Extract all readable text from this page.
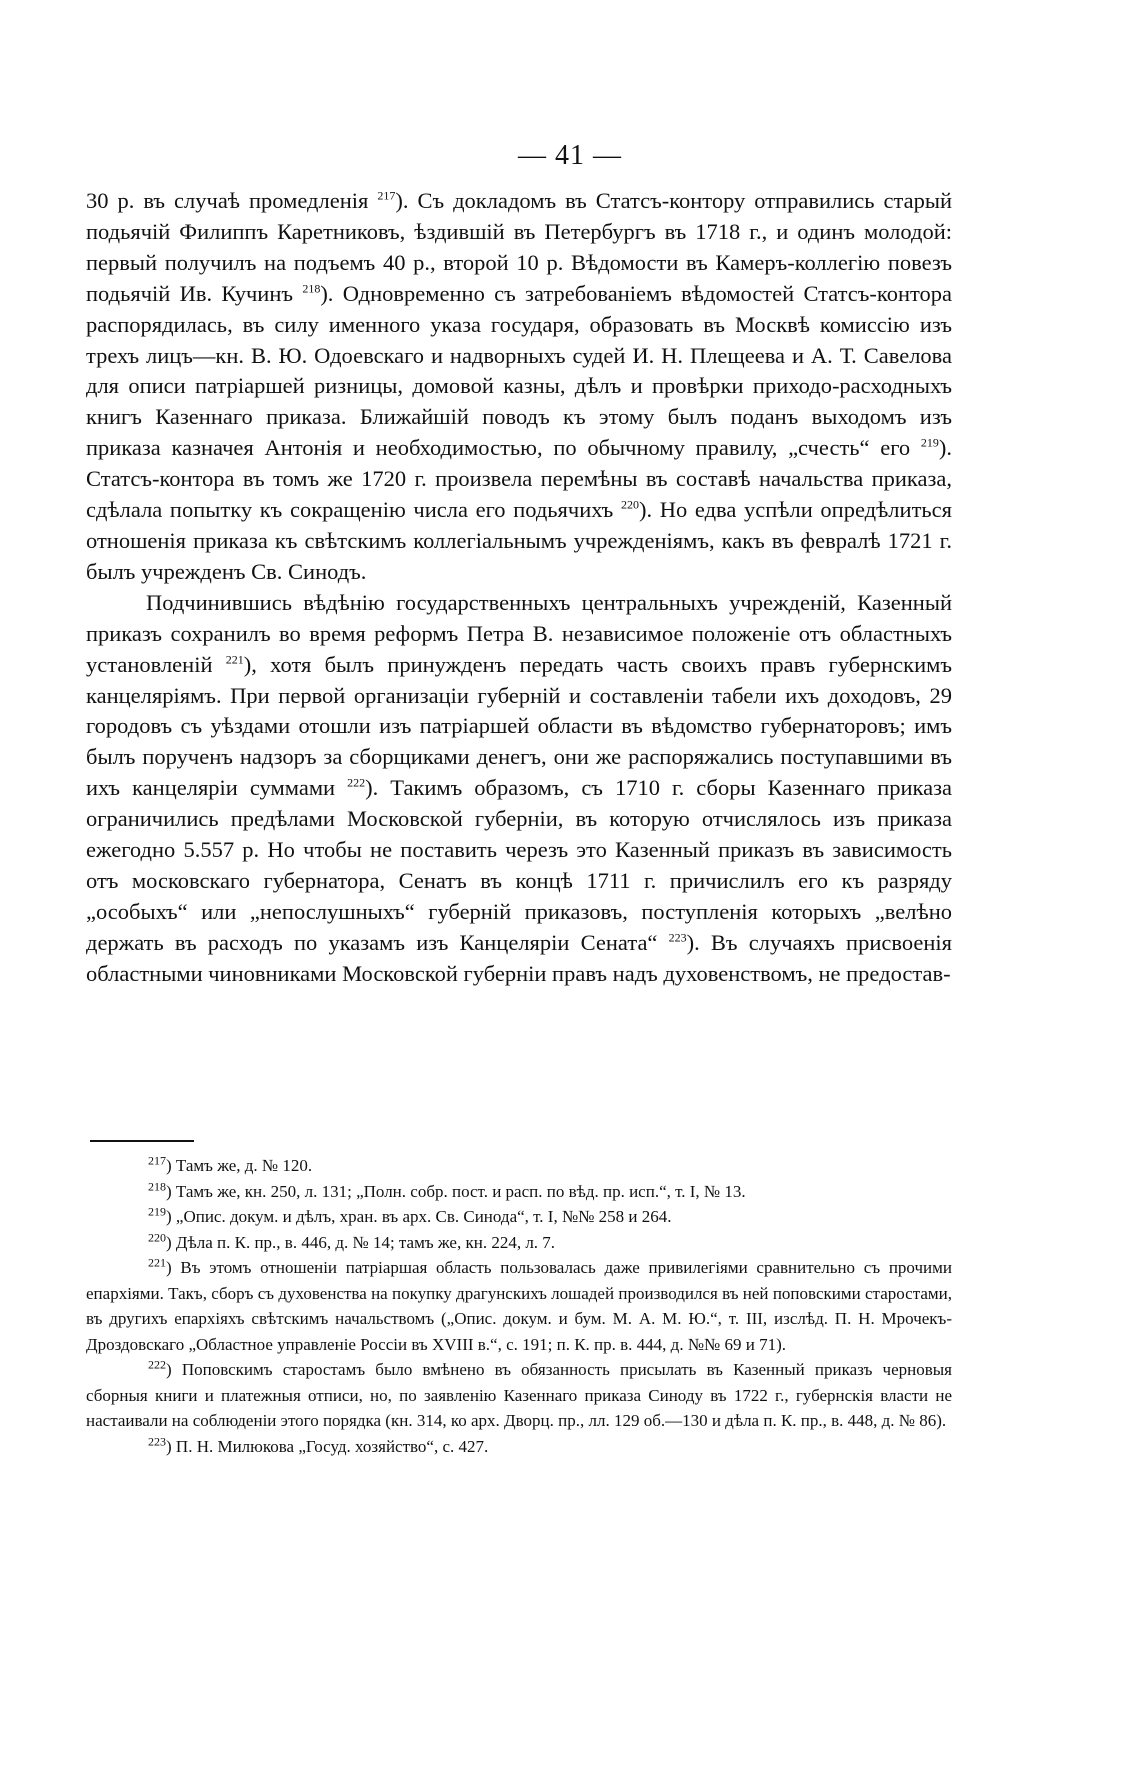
— 41 —

30 р. въ случаѣ промедленія $^{217}$). Съ докладомъ въ Статсъ-контору отправились старый подьячій Филиппъ Каретниковъ, ѣздившій въ Петербургъ въ 1718 г., и одинъ молодой: первый получилъ на подъемъ 40 р., второй 10 р. Вѣдомости въ Камеръ-коллегію повезъ подьячій Ив. Кучинъ $^{218}$). Одновременно съ затребованіемъ вѣдомостей Статсъ-контора распорядилась, въ силу именного указа государя, образовать въ Москвѣ комиссію изъ трехъ лицъ—кн. В. Ю. Одоевскаго и надворныхъ судей И. Н. Плещеева и А. Т. Савелова для описи патріаршей ризницы, домовой казны, дѣлъ и провѣрки приходо-расходныхъ книгъ Казеннаго приказа. Ближайшій поводъ къ этому былъ поданъ выходомъ изъ приказа казначея Антонія и необходимостью, по обычному правилу, „счесть“ его $^{219}$). Статсъ-контора въ томъ же 1720 г. произвела перемѣны въ составѣ начальства приказа, сдѣлала попытку къ сокращенію числа его подьячихъ $^{220}$). Но едва успѣли опредѣлиться отношенія приказа къ свѣтскимъ коллегіальнымъ учрежденіямъ, какъ въ февралѣ 1721 г. былъ учрежденъ Св. Синодъ.

Подчинившись вѣдѣнію государственныхъ центральныхъ учрежденій, Казенный приказъ сохранилъ во время реформъ Петра В. независимое положеніе отъ областныхъ установленій $^{221}$), хотя былъ принужденъ передать часть своихъ правъ губернскимъ канцеляріямъ. При первой организаціи губерній и составленіи табели ихъ доходовъ, 29 городовъ съ уѣздами отошли изъ патріаршей области въ вѣдомство губернаторовъ; имъ былъ порученъ надзоръ за сборщиками денегъ, они же распоряжались поступавшими въ ихъ канцеляріи суммами $^{222}$). Такимъ образомъ, съ 1710 г. сборы Казеннаго приказа ограничились предѣлами Московской губерніи, въ которую отчислялось изъ приказа ежегодно 5.557 р. Но чтобы не поставить черезъ это Казенный приказъ въ зависимость отъ московскаго губернатора, Сенатъ въ концѣ 1711 г. причислилъ его къ разряду „особыхъ“ или „непослушныхъ“ губерній приказовъ, поступленія которыхъ „велѣно держать въ расходъ по указамъ изъ Канцеляріи Сената“ $^{223}$). Въ случаяхъ присвоенія областными чиновниками Московской губерніи правъ надъ духовенствомъ, не предостав-

$^{217}$) Тамъ же, д. № 120.

$^{218}$) Тамъ же, кн. 250, л. 131; „Полн. собр. пост. и расп. по вѣд. пр. исп.“, т. I, № 13.

$^{219}$) „Опис. докум. и дѣлъ, хран. въ арх. Св. Синода“, т. I, №№ 258 и 264.

$^{220}$) Дѣла п. К. пр., в. 446, д. № 14; тамъ же, кн. 224, л. 7.

$^{221}$) Въ этомъ отношеніи патріаршая область пользовалась даже привилегіями сравнительно съ прочими епархіями. Такъ, сборъ съ духовенства на покупку драгунскихъ лошадей производился въ ней поповскими старостами, въ другихъ епархіяхъ свѣтскимъ начальствомъ („Опис. докум. и бум. М. А. М. Ю.“, т. III, изслѣд. П. Н. Мрочекъ-Дроздовскаго „Областное управленіе Россіи въ XVIII в.“, с. 191; п. К. пр. в. 444, д. №№ 69 и 71).

$^{222}$) Поповскимъ старостамъ было вмѣнено въ обязанность присылать въ Казенный приказъ черновыя сборныя книги и платежныя отписи, но, по заявленію Казеннаго приказа Синоду въ 1722 г., губернскія власти не настаивали на соблюденіи этого порядка (кн. 314, ко арх. Дворц. пр., лл. 129 об.—130 и дѣла п. К. пр., в. 448, д. № 86).

$^{223}$) П. Н. Милюкова „Госуд. хозяйство“, с. 427.
